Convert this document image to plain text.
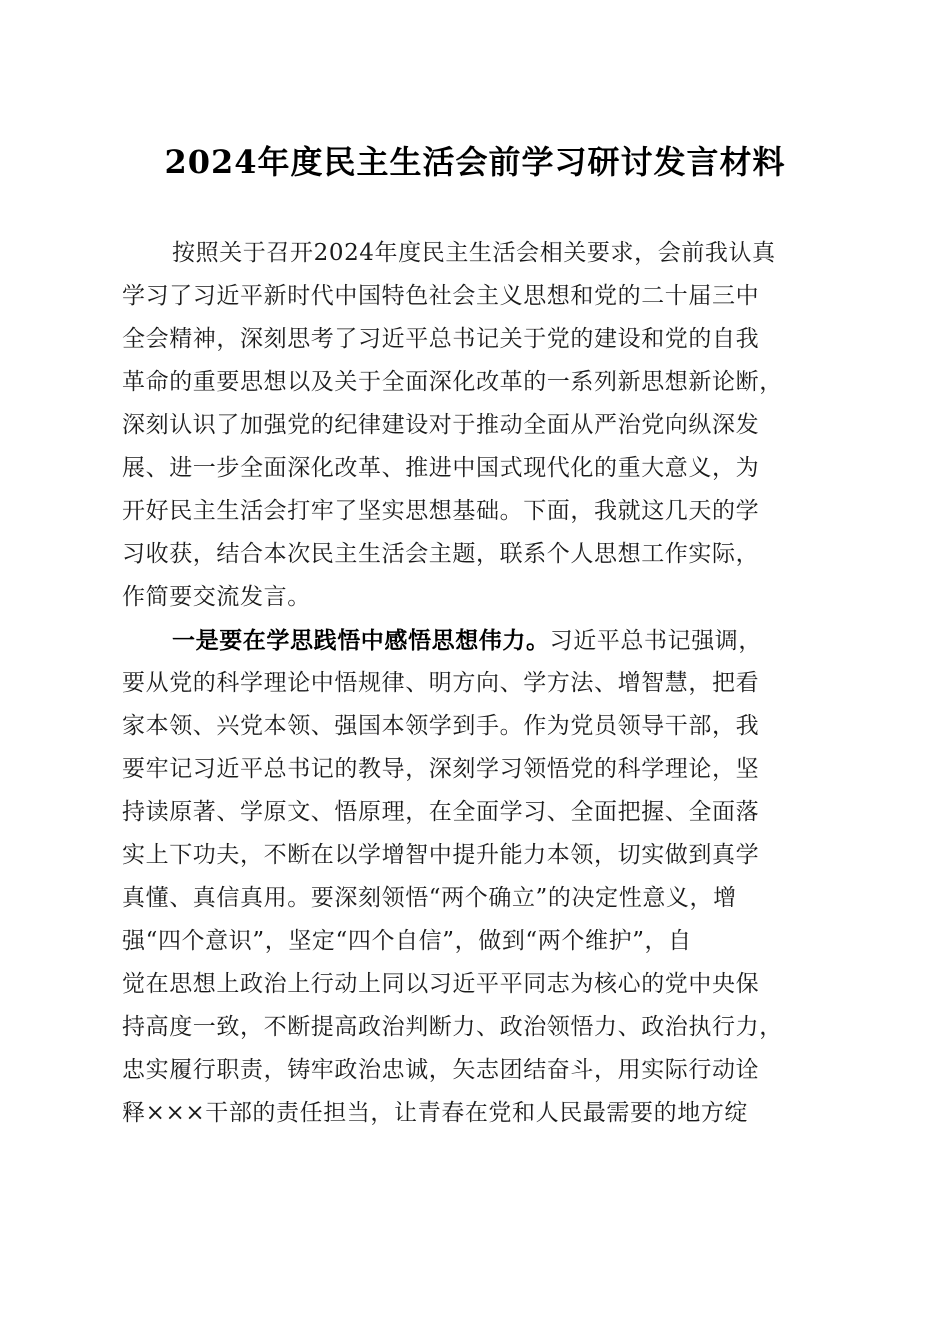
2024年度民主生活会前学习研讨发言材料
按照关于召开2024年度民主生活会相关要求，会前我认真
学习了习近平新时代中国特色社会主义思想和党的二十届三中
全会精神，深刻思考了习近平总书记关于党的建设和党的自我
革命的重要思想以及关于全面深化改革的一系列新思想新论断，
深刻认识了加强党的纪律建设对于推动全面从严治党向纵深发
展、进一步全面深化改革、推进中国式现代化的重大意义，为
开好民主生活会打牢了坚实思想基础。下面，我就这几天的学
习收获，结合本次民主生活会主题，联系个人思想工作实际，
作简要交流发言。
一是要在学思践悟中感悟思想伟力。习近平总书记强调，
要从党的科学理论中悟规律、明方向、学方法、增智慧，把看
家本领、兴党本领、强国本领学到手。作为党员领导干部，我
要牢记习近平总书记的教导，深刻学习领悟党的科学理论，坚
持读原著、学原文、悟原理，在全面学习、全面把握、全面落
实上下功夫，不断在以学增智中提升能力本领，切实做到真学
真懂、真信真用。要深刻领悟“两个确立”的决定性意义，增
强“四个意识”，坚定“四个自信”，做到“两个维护”，自
觉在思想上政治上行动上同以习近平平同志为核心的党中央保
持高度一致，不断提高政治判断力、政治领悟力、政治执行力，
忠实履行职责，铸牢政治忠诚，矢志团结奋斗，用实际行动诠
释×××干部的责任担当，让青春在党和人民最需要的地方绽
